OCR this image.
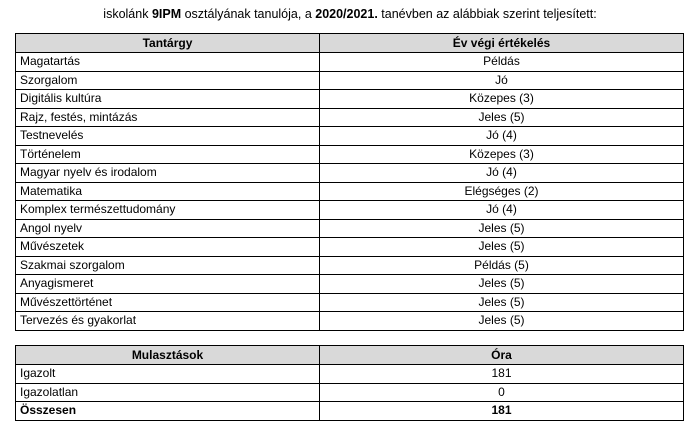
iskolánk 9IPM osztályának tanulója, a 2020/2021. tanévben az alábbiak szerint teljesített:
Tantárgy	Év végi értékelés
Magatartás	Példás
Szorgalom	Jó
Digitális kultúra	Közepes (3)
Rajz, festés, mintázás	Jeles (5)
Testnevelés	Jó (4)
Történelem	Közepes (3)
Magyar nyelv és irodalom	Jó (4)
Matematika	Elégséges (2)
Komplex természettudomány	Jó (4)
Angol nyelv	Jeles (5)
Művészetek	Jeles (5)
Szakmai szorgalom	Példás (5)
Anyagismeret	Jeles (5)
Művészettörténet	Jeles (5)
Tervezés és gyakorlat	Jeles (5)
Mulasztások	Óra
Igazolt	181
Igazolatlan	0
Összesen	181
